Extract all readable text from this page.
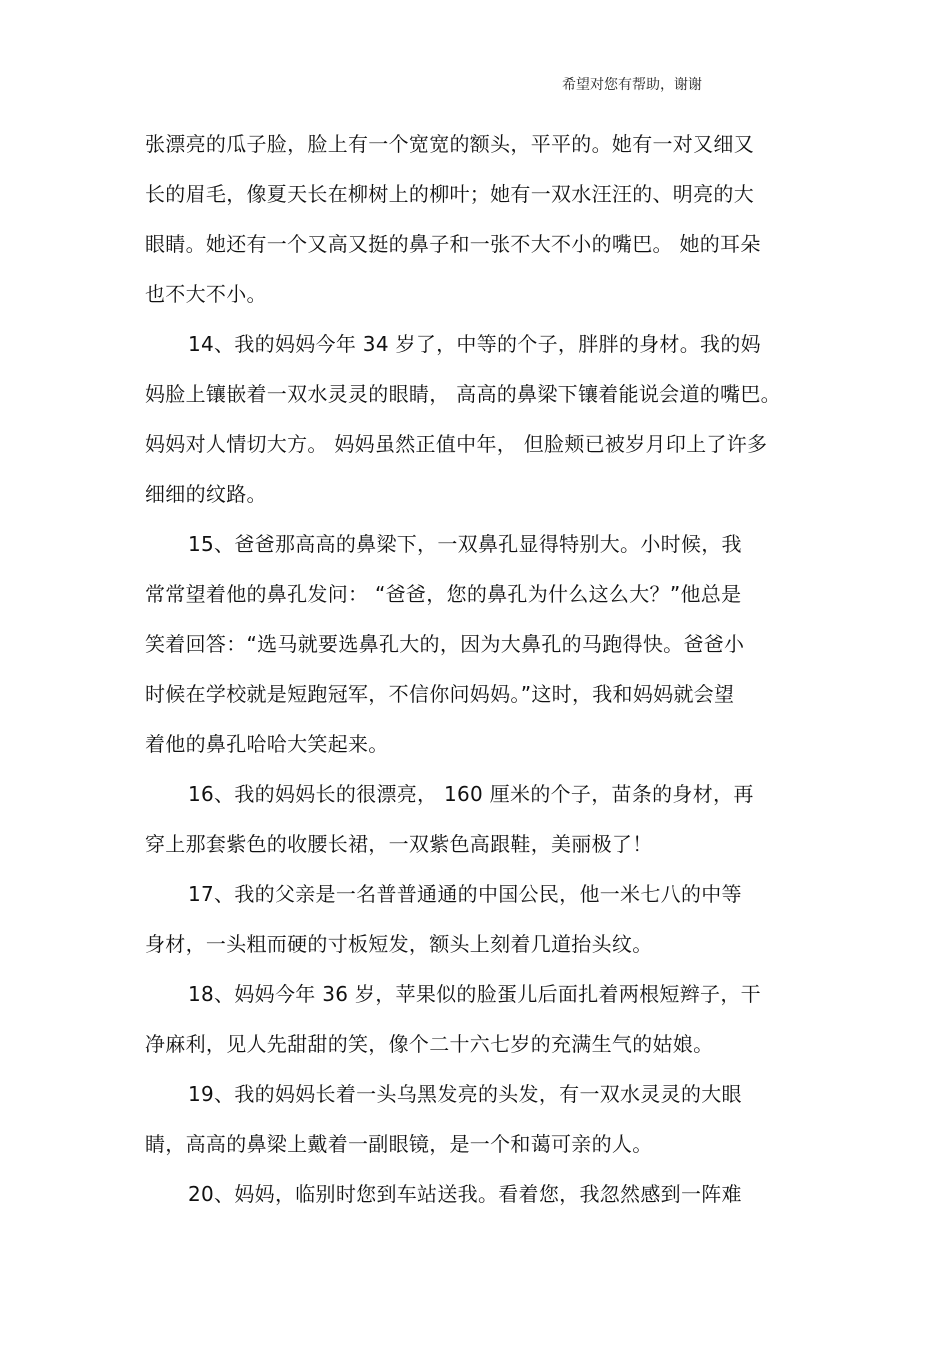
希望对您有帮助，谢谢
张漂亮的瓜子脸，脸上有一个宽宽的额头，平平的。她有一对又细又
长的眉毛，像夏天长在柳树上的柳叶；她有一双水汪汪的、明亮的大
眼睛。她还有一个又高又挺的鼻子和一张不大不小的嘴巴。 她的耳朵
也不大不小。
14、我的妈妈今年 34 岁了，中等的个子，胖胖的身材。我的妈
妈脸上镶嵌着一双水灵灵的眼睛， 高高的鼻梁下镶着能说会道的嘴巴。
妈妈对人情切大方。 妈妈虽然正值中年， 但脸颊已被岁月印上了许多
细细的纹路。
15、爸爸那高高的鼻梁下，一双鼻孔显得特别大。小时候，我
常常望着他的鼻孔发问： “爸爸，您的鼻孔为什么这么大？”他总是
笑着回答：“选马就要选鼻孔大的，因为大鼻孔的马跑得快。爸爸小
时候在学校就是短跑冠军，不信你问妈妈。”这时，我和妈妈就会望
着他的鼻孔哈哈大笑起来。
16、我的妈妈长的很漂亮， 160 厘米的个子，苗条的身材，再
穿上那套紫色的收腰长裙，一双紫色高跟鞋，美丽极了！
17、我的父亲是一名普普通通的中国公民，他一米七八的中等
身材，一头粗而硬的寸板短发，额头上刻着几道抬头纹。
18、妈妈今年 36 岁，苹果似的脸蛋儿后面扎着两根短辫子，干
净麻利，见人先甜甜的笑，像个二十六七岁的充满生气的姑娘。
19、我的妈妈长着一头乌黑发亮的头发，有一双水灵灵的大眼
睛，高高的鼻梁上戴着一副眼镜，是一个和蔼可亲的人。
20、妈妈，临别时您到车站送我。看着您，我忽然感到一阵难
